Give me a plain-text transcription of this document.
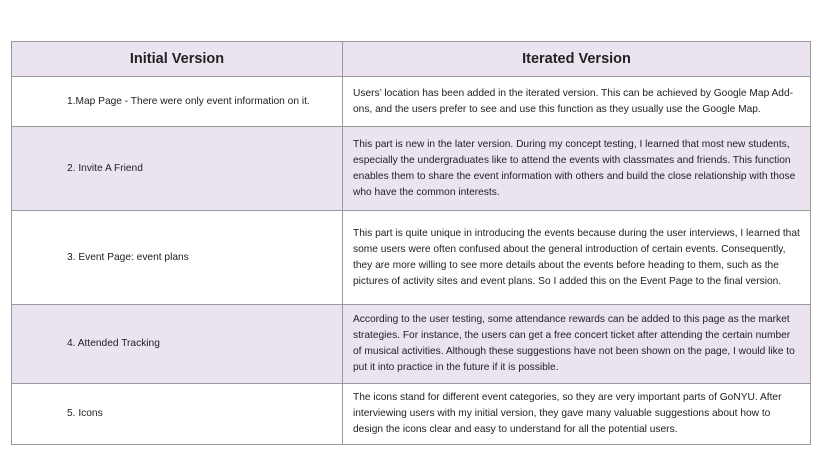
Initial Version	Iterated Version
1.Map Page - There were only event information on it.	Users’ location has been added in the iterated version. This can be achieved by Google Map Add-ons, and the users prefer to see and use this function as they usually use the Google Map.
2. Invite A Friend	This part is new in the later version. During my concept testing, I learned that most new students, especially the undergraduates like to attend the events with classmates and friends. This function enables them to share the event information with others and build the close relationship with those who have the common interests.
3. Event Page: event plans	This part is quite unique in introducing the events because during the user interviews, I learned that some users were often confused about the general introduction of certain events. Consequently, they are more willing to see more details about the events before heading to them, such as the pictures of activity sites and event plans. So I added this on the Event Page to the final version.
4. Attended Tracking	According to the user testing, some attendance rewards can be added to this page as the market strategies. For instance, the users can get a free concert ticket after attending the certain number of musical activities. Although these suggestions have not been shown on the page, I would like to put it into practice in the future if it is possible.
5. Icons	The icons stand for different event categories, so they are very important parts of GoNYU. After interviewing users with my initial version, they gave many valuable suggestions about how to design the icons clear and easy to understand for all the potential users.
